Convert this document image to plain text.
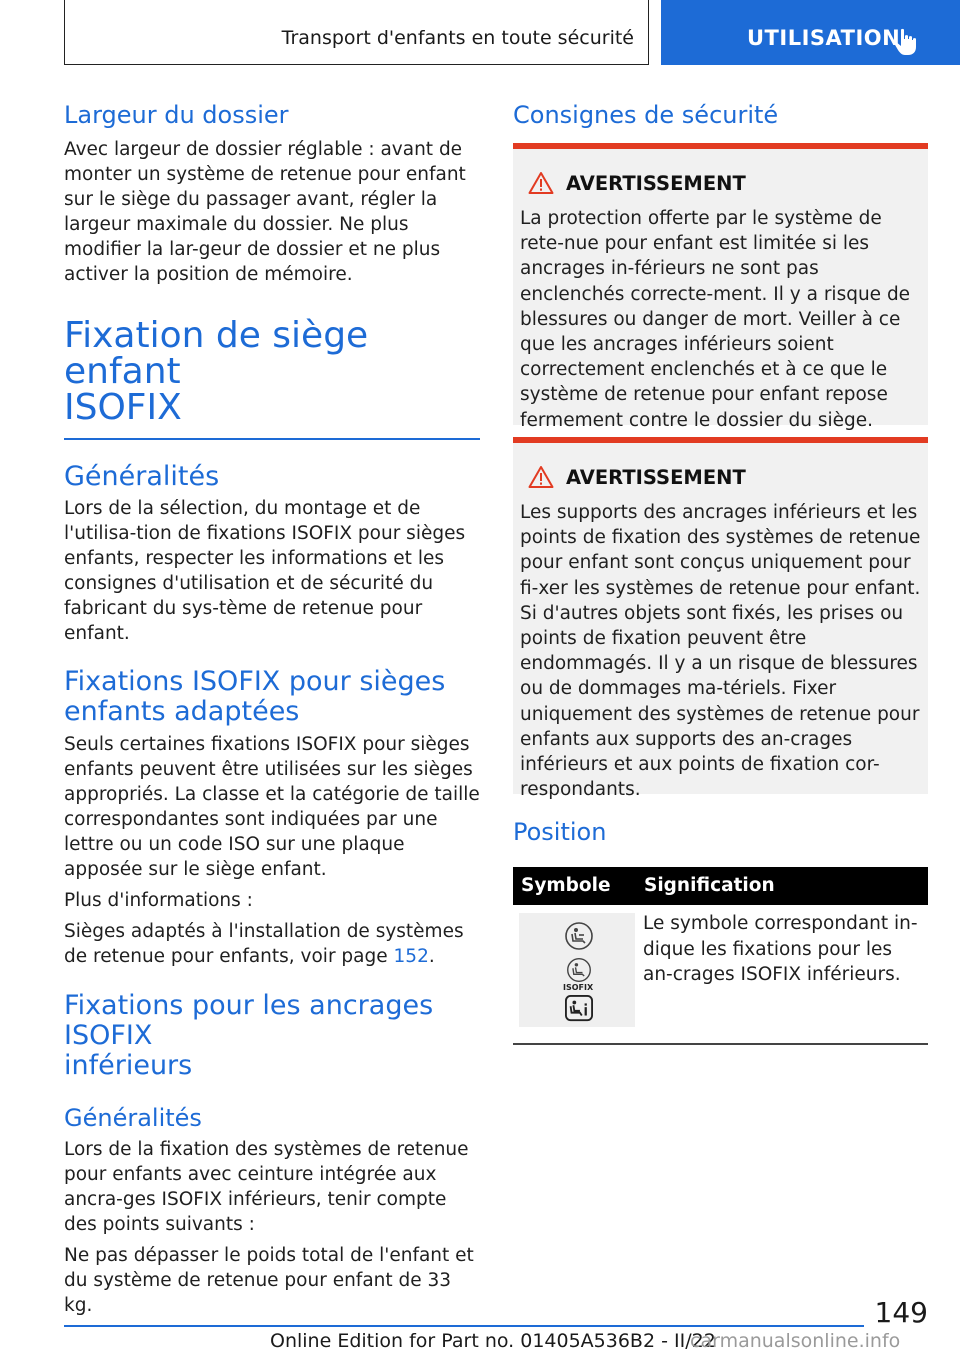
Transport d'enfants en toute sécurité	UTILISATION
Largeur du dossier

Avec largeur de dossier réglable : avant de monter un système de retenue pour enfant sur le siège du passager avant, régler la largeur maximale du dossier. Ne plus modifier la lar-geur de dossier et ne plus activer la position de mémoire.

Fixation de siège enfant
ISOFIX
Généralités

Lors de la sélection, du montage et de l'utilisa-tion de fixations ISOFIX pour sièges enfants, respecter les informations et les consignes d'utilisation et de sécurité du fabricant du sys-tème de retenue pour enfant.

Fixations ISOFIX pour sièges
enfants adaptées

Seuls certaines fixations ISOFIX pour sièges enfants peuvent être utilisées sur les sièges appropriés. La classe et la catégorie de taille correspondantes sont indiquées par une lettre ou un code ISO sur une plaque apposée sur le siège enfant.

Plus d'informations :

Sièges adaptés à l'installation de systèmes de retenue pour enfants, voir page 152.

Fixations pour les ancrages ISOFIX
inférieurs
Généralités

Lors de la fixation des systèmes de retenue pour enfants avec ceinture intégrée aux ancra-ges ISOFIX inférieurs, tenir compte des points suivants :

Ne pas dépasser le poids total de l'enfant et du système de retenue pour enfant de 33 kg.

Consignes de sécurité
AVERTISSEMENT
La protection offerte par le système de rete-nue pour enfant est limitée si les ancrages in-férieurs ne sont pas enclenchés correcte-ment. Il y a risque de blessures ou danger de mort. Veiller à ce que les ancrages inférieurs soient correctement enclenchés et à ce que le système de retenue pour enfant repose fermement contre le dossier du siège.
AVERTISSEMENT
Les supports des ancrages inférieurs et les points de fixation des systèmes de retenue pour enfant sont conçus uniquement pour fi-xer les systèmes de retenue pour enfant. Si d'autres objets sont fixés, les prises ou points de fixation peuvent être endommagés. Il y a un risque de blessures ou de dommages ma-tériels. Fixer uniquement des systèmes de retenue pour enfants aux supports des an-crages inférieurs et aux points de fixation cor-respondants.
Position
Symbole Signification
ISOFIX
Le symbole correspondant in-dique les fixations pour les an-crages ISOFIX inférieurs.
149
Online Edition for Part no. 01405A536B2 - II/22
carmanualsonline.info
